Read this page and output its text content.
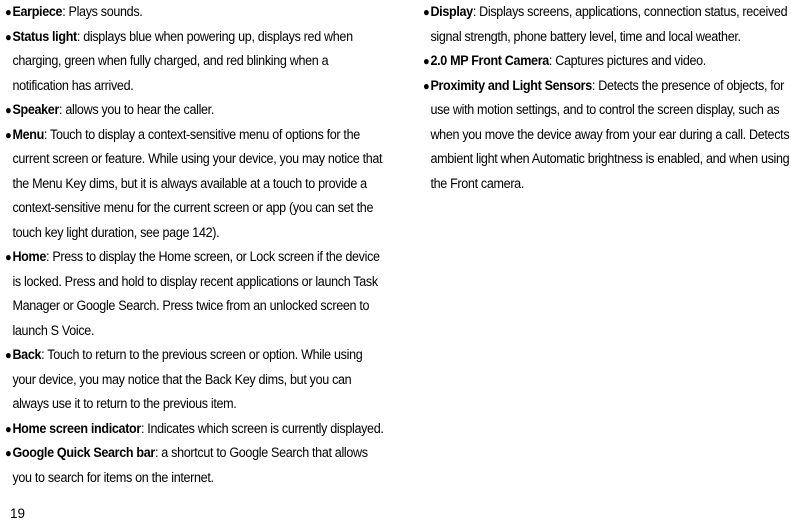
● Earpiece: Plays sounds.
● Status light: displays blue when powering up, displays red when charging, green when fully charged, and red blinking when a notification has arrived.
● Speaker: allows you to hear the caller.
● Menu: Touch to display a context-sensitive menu of options for the current screen or feature. While using your device, you may notice that the Menu Key dims, but it is always available at a touch to provide a context-sensitive menu for the current screen or app (you can set the touch key light duration, see page 142).
● Home: Press to display the Home screen, or Lock screen if the device is locked. Press and hold to display recent applications or launch Task Manager or Google Search. Press twice from an unlocked screen to launch S Voice.
● Back: Touch to return to the previous screen or option. While using your device, you may notice that the Back Key dims, but you can always use it to return to the previous item.
● Home screen indicator: Indicates which screen is currently displayed.
● Google Quick Search bar: a shortcut to Google Search that allows you to search for items on the internet.
● Display: Displays screens, applications, connection status, received signal strength, phone battery level, time and local weather.
● 2.0 MP Front Camera: Captures pictures and video.
● Proximity and Light Sensors: Detects the presence of objects, for use with motion settings, and to control the screen display, such as when you move the device away from your ear during a call. Detects ambient light when Automatic brightness is enabled, and when using the Front camera.
19
